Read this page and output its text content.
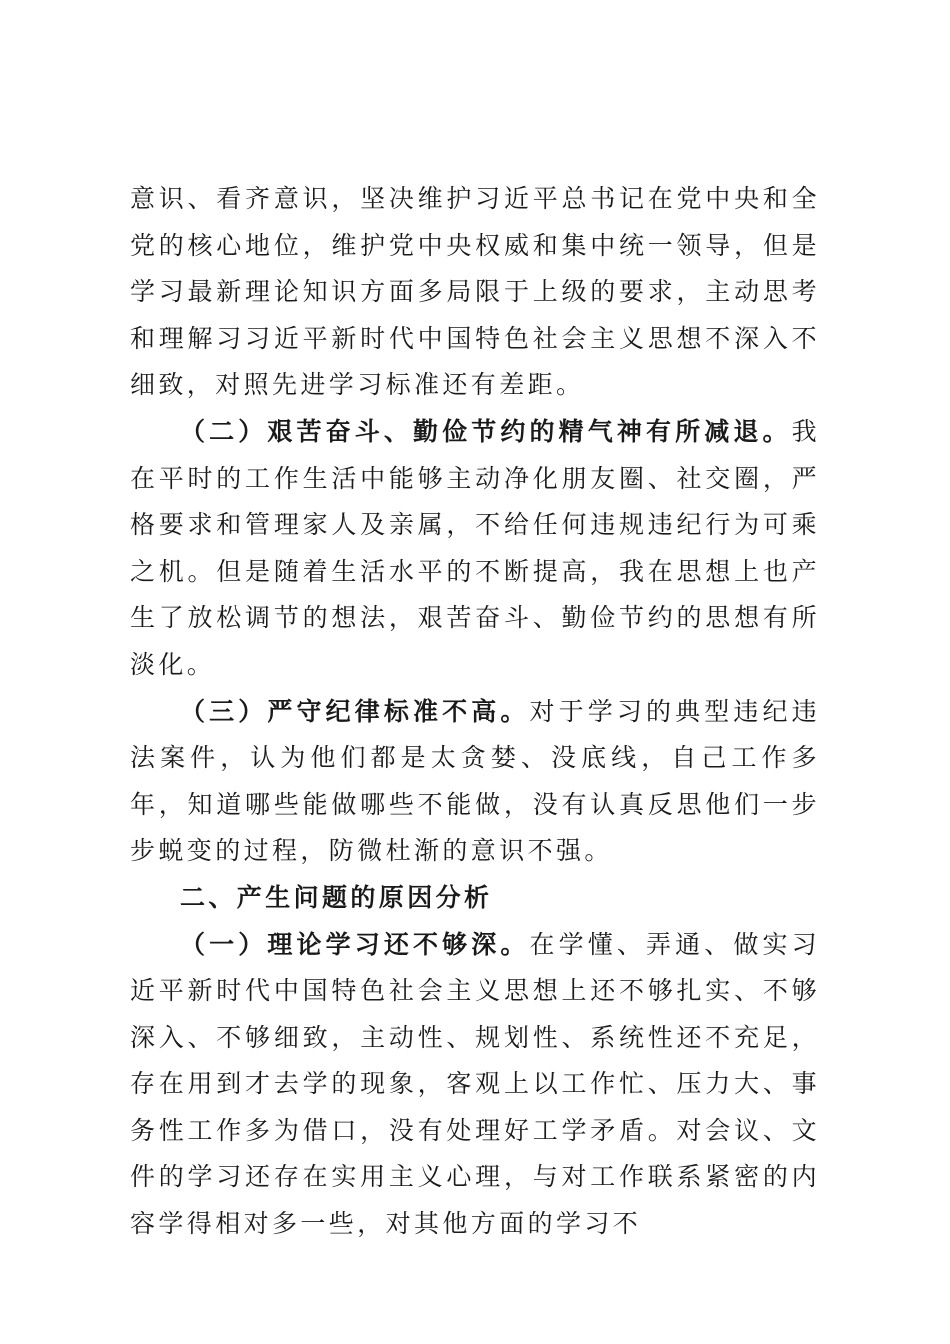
意识、看齐意识，坚决维护习近平总书记在党中央和全党的核心地位，维护党中央权威和集中统一领导，但是学习最新理论知识方面多局限于上级的要求，主动思考和理解习习近平新时代中国特色社会主义思想不深入不细致，对照先进学习标准还有差距。

（二）艰苦奋斗、勤俭节约的精气神有所减退。我在平时的工作生活中能够主动净化朋友圈、社交圈，严格要求和管理家人及亲属，不给任何违规违纪行为可乘之机。但是随着生活水平的不断提高，我在思想上也产生了放松调节的想法，艰苦奋斗、勤俭节约的思想有所淡化。

（三）严守纪律标准不高。对于学习的典型违纪违法案件，认为他们都是太贪婪、没底线，自己工作多年，知道哪些能做哪些不能做，没有认真反思他们一步步蜕变的过程，防微杜渐的意识不强。

二、产生问题的原因分析

（一）理论学习还不够深。在学懂、弄通、做实习近平新时代中国特色社会主义思想上还不够扎实、不够深入、不够细致，主动性、规划性、系统性还不充足，存在用到才去学的现象，客观上以工作忙、压力大、事务性工作多为借口，没有处理好工学矛盾。对会议、文件的学习还存在实用主义心理，与对工作联系紧密的内容学得相对多一些，对其他方面的学习不
